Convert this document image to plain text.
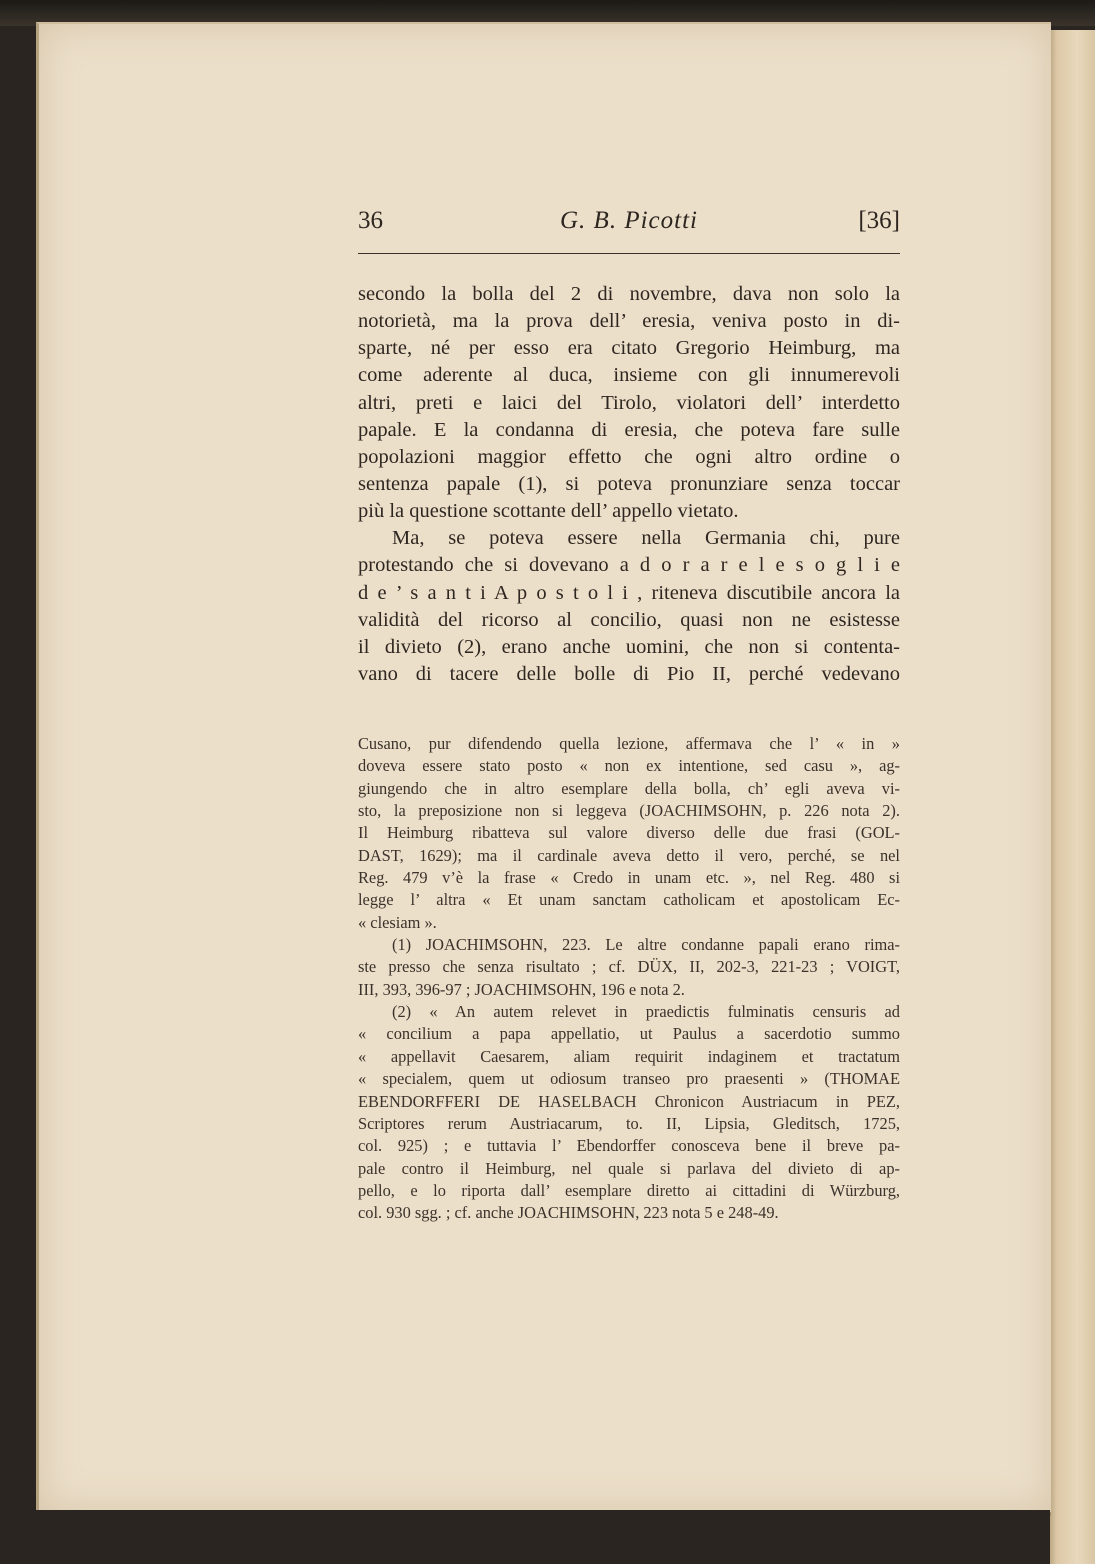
36	G. B. Picotti	[36]
secondo la bolla del 2 di novembre, dava non solo la
notorietà, ma la prova dell’ eresia, veniva posto in di-
sparte, né per esso era citato Gregorio Heimburg, ma
come aderente al duca, insieme con gli innumerevoli
altri, preti e laici del Tirolo, violatori dell’ interdetto
papale. E la condanna di eresia, che poteva fare sulle
popolazioni maggior effetto che ogni altro ordine o
sentenza papale (1), si poteva pronunziare senza toccar
più la questione scottante dell’ appello vietato.
Ma, se poteva essere nella Germania chi, pure
protestando che si dovevano a d o r a r e l e s o g l i e
d e ’ s a n t i A p o s t o l i , riteneva discutibile ancora la
validità del ricorso al concilio, quasi non ne esistesse
il divieto (2), erano anche uomini, che non si contenta-
vano di tacere delle bolle di Pio II, perché vedevano
Cusano, pur difendendo quella lezione, affermava che l’ « in »
doveva essere stato posto « non ex intentione, sed casu », ag-
giungendo che in altro esemplare della bolla, ch’ egli aveva vi-
sto, la preposizione non si leggeva (JOACHIMSOHN, p. 226 nota 2).
Il Heimburg ribatteva sul valore diverso delle due frasi (GOL-
DAST, 1629); ma il cardinale aveva detto il vero, perché, se nel
Reg. 479 v’è la frase « Credo in unam etc. », nel Reg. 480 si
legge l’ altra « Et unam sanctam catholicam et apostolicam Ec-
« clesiam ».
(1) JOACHIMSOHN, 223. Le altre condanne papali erano rima-
ste presso che senza risultato ; cf. DÜX, II, 202-3, 221-23 ; VOIGT,
III, 393, 396-97 ; JOACHIMSOHN, 196 e nota 2.
(2) « An autem relevet in praedictis fulminatis censuris ad
« concilium a papa appellatio, ut Paulus a sacerdotio summo
« appellavit Caesarem, aliam requirit indaginem et tractatum
« specialem, quem ut odiosum transeo pro praesenti » (THOMAE
EBENDORFFERI DE HASELBACH Chronicon Austriacum in PEZ,
Scriptores rerum Austriacarum, to. II, Lipsia, Gleditsch, 1725,
col. 925) ; e tuttavia l’ Ebendorffer conosceva bene il breve pa-
pale contro il Heimburg, nel quale si parlava del divieto di ap-
pello, e lo riporta dall’ esemplare diretto ai cittadini di Würzburg,
col. 930 sgg. ; cf. anche JOACHIMSOHN, 223 nota 5 e 248-49.
